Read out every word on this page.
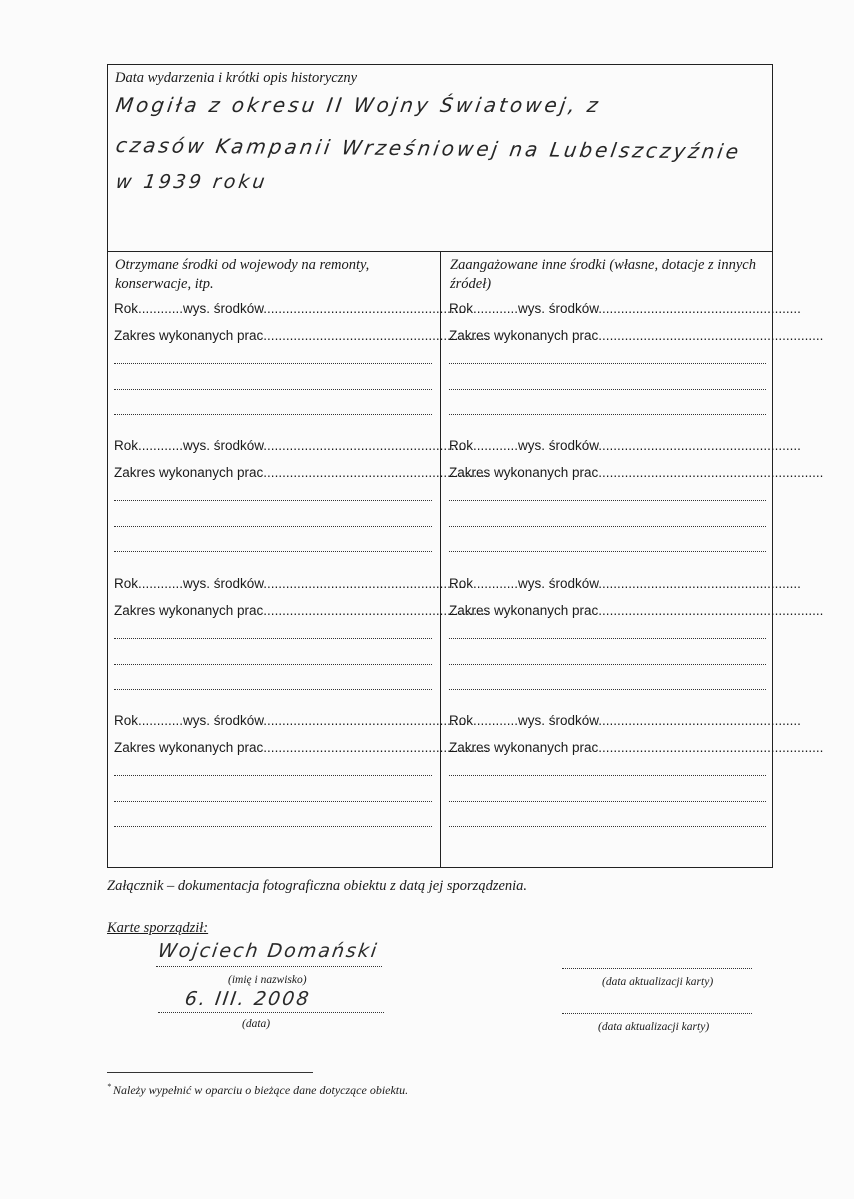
Data wydarzenia i krótki opis historyczny
Mogiła z okresu II Wojny Światowej, z
czasów Kampanii Wrześniowej na Lubelszczyźnie
w 1939 roku
Otrzymane środki od wojewody na remonty, konserwacje, itp.
Rok............wys. środków......................................................
Zakres wykonanych prac............................................................
Rok............wys. środków......................................................
Zakres wykonanych prac............................................................
Rok............wys. środków......................................................
Zakres wykonanych prac............................................................
Rok............wys. środków......................................................
Zakres wykonanych prac............................................................
Zaangażowane inne środki (własne, dotacje z innych źródeł)
Rok............wys. środków......................................................
Zakres wykonanych prac............................................................
Rok............wys. środków......................................................
Zakres wykonanych prac............................................................
Rok............wys. środków......................................................
Zakres wykonanych prac............................................................
Rok............wys. środków......................................................
Zakres wykonanych prac............................................................
Załącznik – dokumentacja fotograficzna obiektu z datą jej sporządzenia.
Karte sporządził:
Wojciech Domański
(imię i nazwisko)
6. III. 2008
(data)
(data aktualizacji karty)
(data aktualizacji karty)
* Należy wypełnić w oparciu o bieżące dane dotyczące obiektu.
